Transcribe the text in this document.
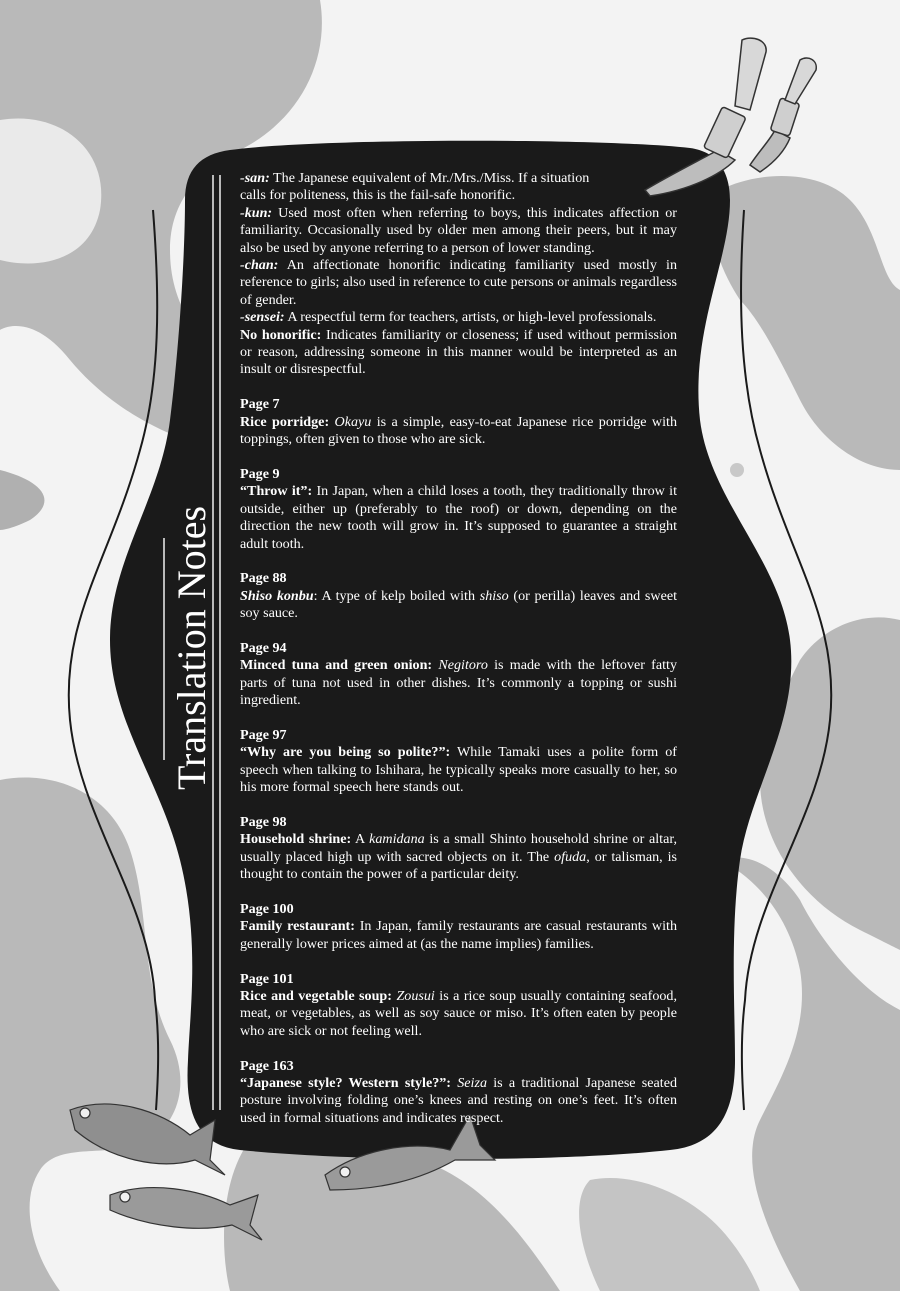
Translation Notes

-san: The Japanese equivalent of Mr./Mrs./Miss. If a situation calls for politeness, this is the fail-safe honorific.

-kun: Used most often when referring to boys, this indicates affection or familiarity. Occasionally used by older men among their peers, but it may also be used by anyone referring to a person of lower standing.

-chan: An affectionate honorific indicating familiarity used mostly in reference to girls; also used in reference to cute persons or animals regardless of gender.

-sensei: A respectful term for teachers, artists, or high-level professionals.

No honorific: Indicates familiarity or closeness; if used without permission or reason, addressing someone in this manner would be interpreted as an insult or disrespectful.

Page 7

Rice porridge: Okayu is a simple, easy-to-eat Japanese rice porridge with toppings, often given to those who are sick.

Page 9

“Throw it”: In Japan, when a child loses a tooth, they traditionally throw it outside, either up (preferably to the roof) or down, depending on the direction the new tooth will grow in. It’s supposed to guarantee a straight adult tooth.

Page 88

Shiso konbu: A type of kelp boiled with shiso (or perilla) leaves and sweet soy sauce.

Page 94

Minced tuna and green onion: Negitoro is made with the leftover fatty parts of tuna not used in other dishes. It’s commonly a topping or sushi ingredient.

Page 97

“Why are you being so polite?”: While Tamaki uses a polite form of speech when talking to Ishihara, he typically speaks more casually to her, so his more formal speech here stands out.

Page 98

Household shrine: A kamidana is a small Shinto household shrine or altar, usually placed high up with sacred objects on it. The ofuda, or talisman, is thought to contain the power of a particular deity.

Page 100

Family restaurant: In Japan, family restaurants are casual restaurants with generally lower prices aimed at (as the name implies) families.

Page 101

Rice and vegetable soup: Zousui is a rice soup usually containing seafood, meat, or vegetables, as well as soy sauce or miso. It’s often eaten by people who are sick or not feeling well.

Page 163

“Japanese style? Western style?”: Seiza is a traditional Japanese seated posture involving folding one’s knees and resting on one’s feet. It’s often used in formal situations and indicates respect.
